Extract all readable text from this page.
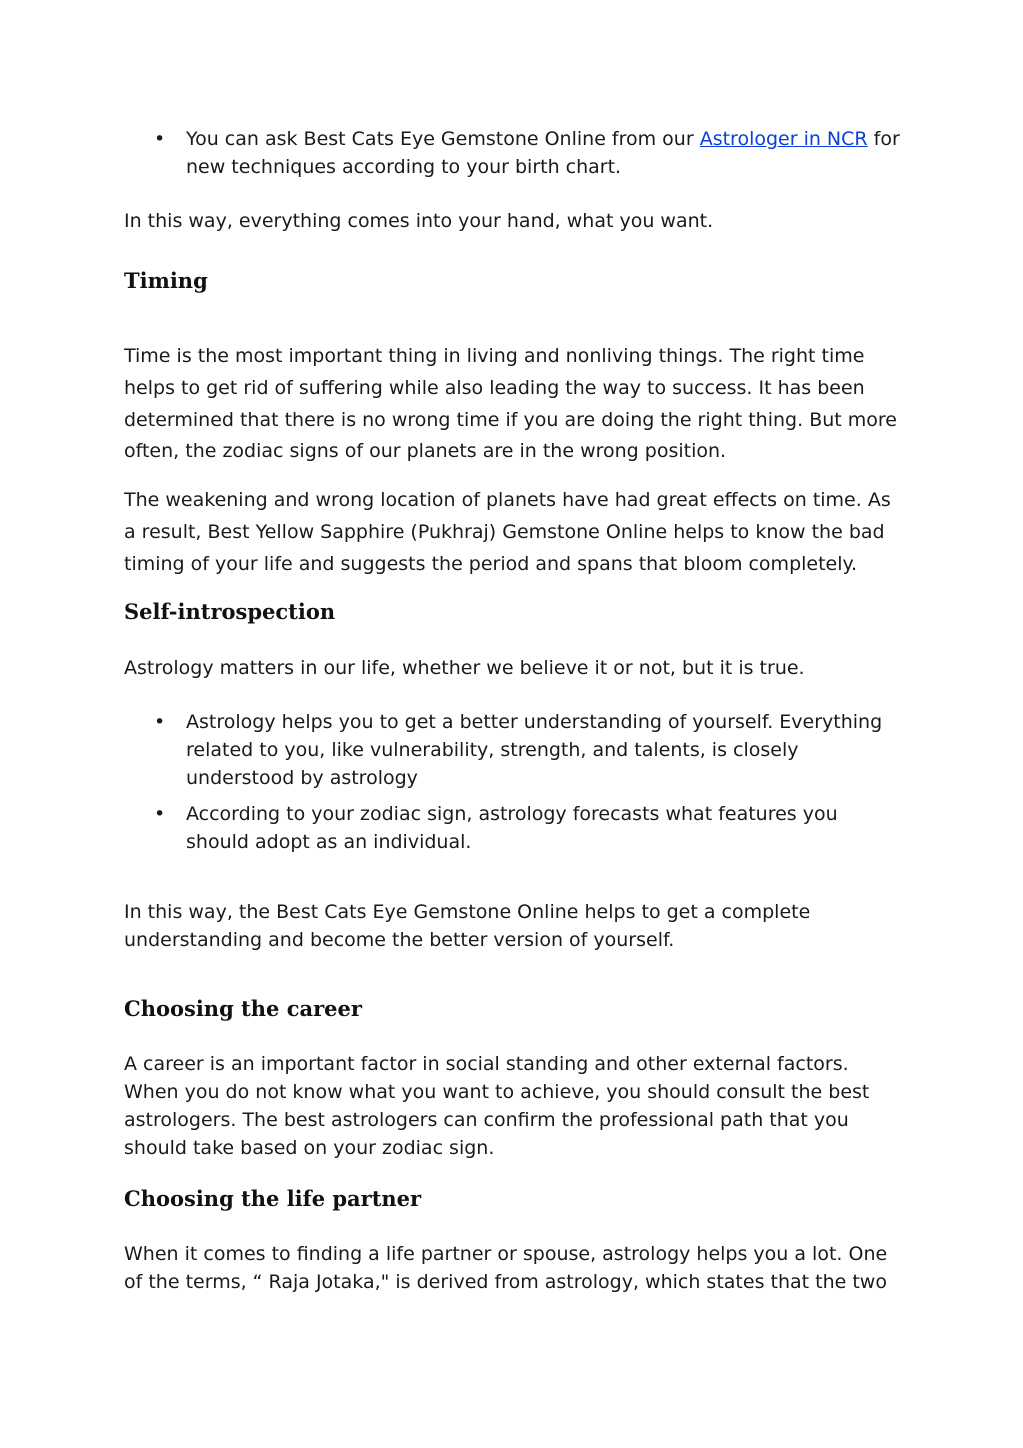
•	You can ask Best Cats Eye Gemstone Online from our Astrologer in NCR for new techniques according to your birth chart.

In this way, everything comes into your hand, what you want.

Timing

Time is the most important thing in living and nonliving things. The right time helps to get rid of suffering while also leading the way to success. It has been determined that there is no wrong time if you are doing the right thing. But more often, the zodiac signs of our planets are in the wrong position.

The weakening and wrong location of planets have had great effects on time. As a result, Best Yellow Sapphire (Pukhraj) Gemstone Online helps to know the bad timing of your life and suggests the period and spans that bloom completely.

Self-introspection

Astrology matters in our life, whether we believe it or not, but it is true.

•	Astrology helps you to get a better understanding of yourself. Everything related to you, like vulnerability, strength, and talents, is closely understood by astrology
•	According to your zodiac sign, astrology forecasts what features you should adopt as an individual.

In this way, the Best Cats Eye Gemstone Online helps to get a complete understanding and become the better version of yourself.

Choosing the career

A career is an important factor in social standing and other external factors. When you do not know what you want to achieve, you should consult the best astrologers. The best astrologers can confirm the professional path that you should take based on your zodiac sign.

Choosing the life partner

When it comes to finding a life partner or spouse, astrology helps you a lot. One of the terms, “ Raja Jotaka," is derived from astrology, which states that the two
